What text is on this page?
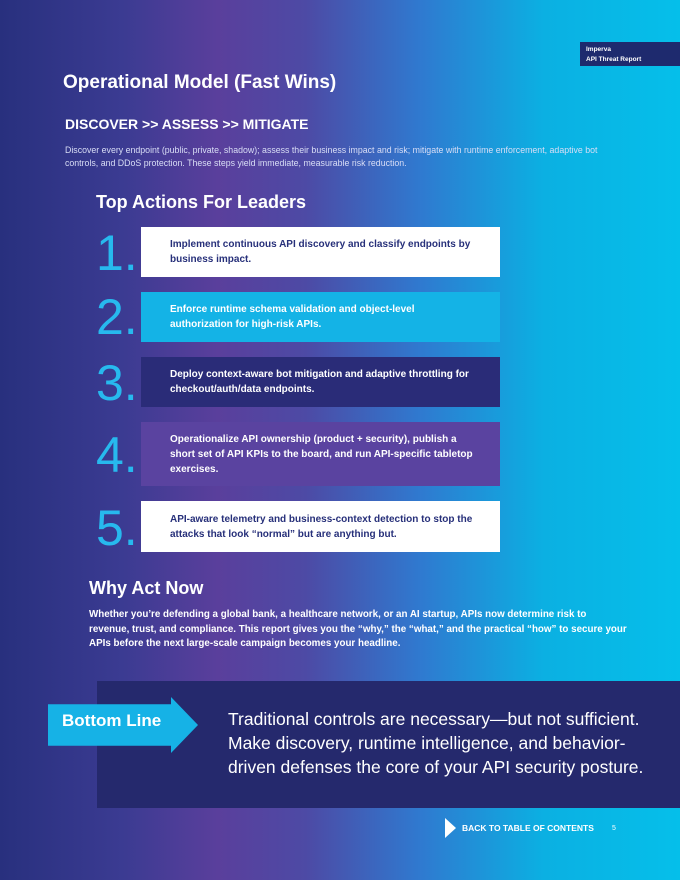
Imperva
API Threat Report
Operational Model (Fast Wins)
DISCOVER >> ASSESS >> MITIGATE

Discover every endpoint (public, private, shadow); assess their business impact and risk; mitigate with runtime enforcement, adaptive bot controls, and DDoS protection. These steps yield immediate, measurable risk reduction.

Top Actions For Leaders
1.	Implement continuous API discovery and classify endpoints by business impact.
2.	Enforce runtime schema validation and object-level authorization for high-risk APIs.
3.	Deploy context-aware bot mitigation and adaptive throttling for checkout/auth/data endpoints.
4.	Operationalize API ownership (product + security), publish a short set of API KPIs to the board, and run API-specific tabletop exercises.
5.	API-aware telemetry and business-context detection to stop the attacks that look “normal” but are anything but.
Why Act Now

Whether you’re defending a global bank, a healthcare network, or an AI startup, APIs now determine risk to revenue, trust, and compliance. This report gives you the “why,” the “what,” and the practical “how” to secure your APIs before the next large-scale campaign becomes your headline.

Bottom Line	Traditional controls are necessary—but not sufficient. Make discovery, runtime intelligence, and behavior-driven defenses the core of your API security posture.

BACK TO TABLE OF CONTENTS	5
